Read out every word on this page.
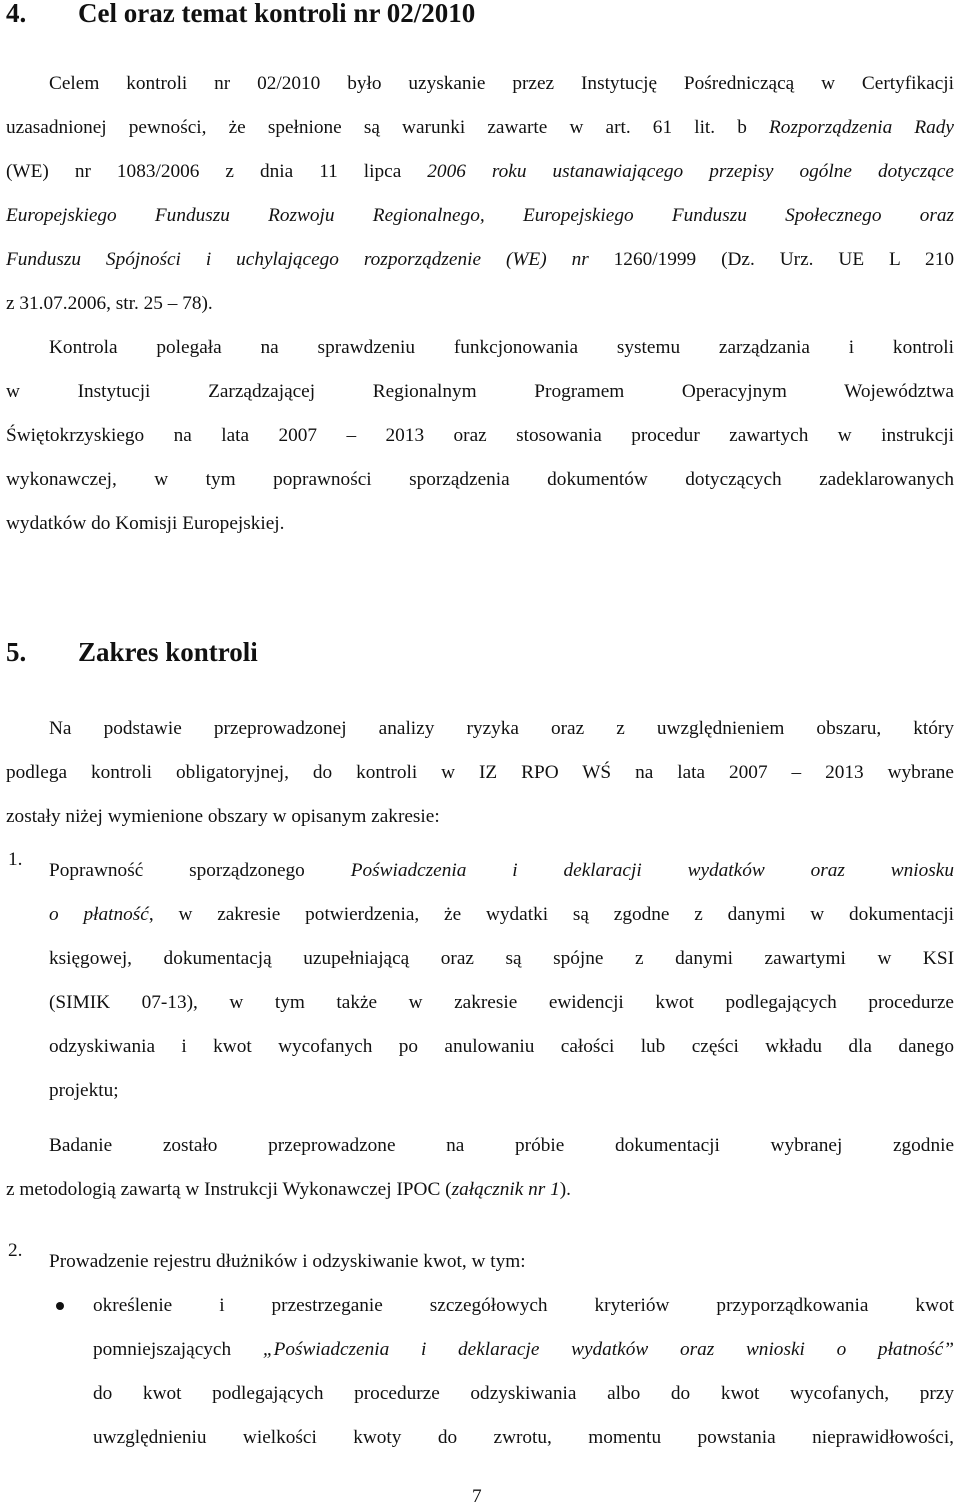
4. Cel oraz temat kontroli nr 02/2010
Celem kontroli nr 02/2010 było uzyskanie przez Instytucję Pośredniczącą w Certyfikacji
uzasadnionej pewności, że spełnione są warunki zawarte w art. 61 lit. b Rozporządzenia Rady
(WE) nr 1083/2006 z dnia 11 lipca 2006 roku ustanawiającego przepisy ogólne dotyczące
Europejskiego Funduszu Rozwoju Regionalnego, Europejskiego Funduszu Społecznego oraz
Funduszu Spójności i uchylającego rozporządzenie (WE) nr 1260/1999 (Dz. Urz. UE L 210
z 31.07.2006, str. 25 – 78).
Kontrola polegała na sprawdzeniu funkcjonowania systemu zarządzania i kontroli
w Instytucji Zarządzającej Regionalnym Programem Operacyjnym Województwa
Świętokrzyskiego na lata 2007 – 2013 oraz stosowania procedur zawartych w instrukcji
wykonawczej, w tym poprawności sporządzenia dokumentów dotyczących zadeklarowanych
wydatków do Komisji Europejskiej.
5. Zakres kontroli
Na podstawie przeprowadzonej analizy ryzyka oraz z uwzględnieniem obszaru, który
podlega kontroli obligatoryjnej, do kontroli w IZ RPO WŚ na lata 2007 – 2013 wybrane
zostały niżej wymienione obszary w opisanym zakresie:
1.
Poprawność sporządzonego Poświadczenia i deklaracji wydatków oraz wniosku
o płatność, w zakresie potwierdzenia, że wydatki są zgodne z danymi w dokumentacji
księgowej, dokumentacją uzupełniającą oraz są spójne z danymi zawartymi w KSI
(SIMIK 07-13), w tym także w zakresie ewidencji kwot podlegających procedurze
odzyskiwania i kwot wycofanych po anulowaniu całości lub części wkładu dla danego
projektu;
Badanie zostało przeprowadzone na próbie dokumentacji wybranej zgodnie
z metodologią zawartą w Instrukcji Wykonawczej IPOC (załącznik nr 1).
2.
Prowadzenie rejestru dłużników i odzyskiwanie kwot, w tym:
określenie i przestrzeganie szczegółowych kryteriów przyporządkowania kwot
pomniejszających „Poświadczenia i deklaracje wydatków oraz wnioski o płatność”
do kwot podlegających procedurze odzyskiwania albo do kwot wycofanych, przy
uwzględnieniu wielkości kwoty do zwrotu, momentu powstania nieprawidłowości,
7
